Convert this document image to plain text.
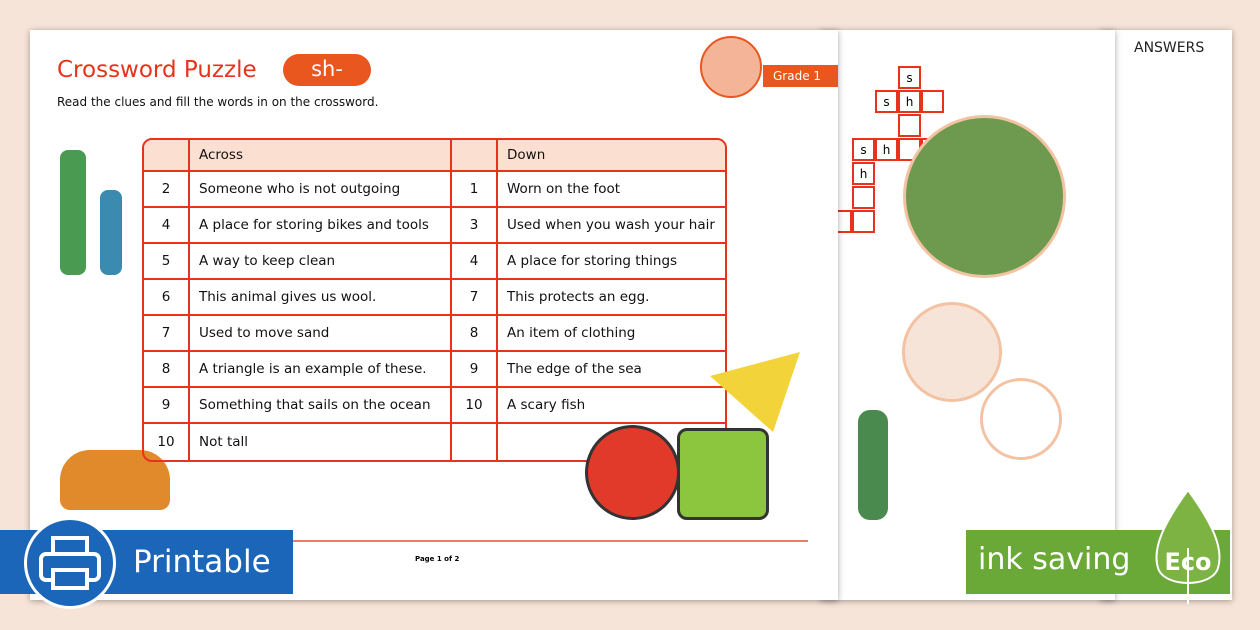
ANSWERS
s
s	h
s	h
h
Crossword Puzzle	sh-
Read the clues and fill the words in on the crossword.
Grade 1
	Across		Down
2	Someone who is not outgoing	1	Worn on the foot
4	A place for storing bikes and tools	3	Used when you wash your hair
5	A way to keep clean	4	A place for storing things
6	This animal gives us wool.	7	This protects an egg.
7	Used to move sand	8	An item of clothing
8	A triangle is an example of these.	9	The edge of the sea
9	Something that sails on the ocean	10	A scary fish
10	Not tall		
Page 1 of 2
Printable	ink saving	Eco
